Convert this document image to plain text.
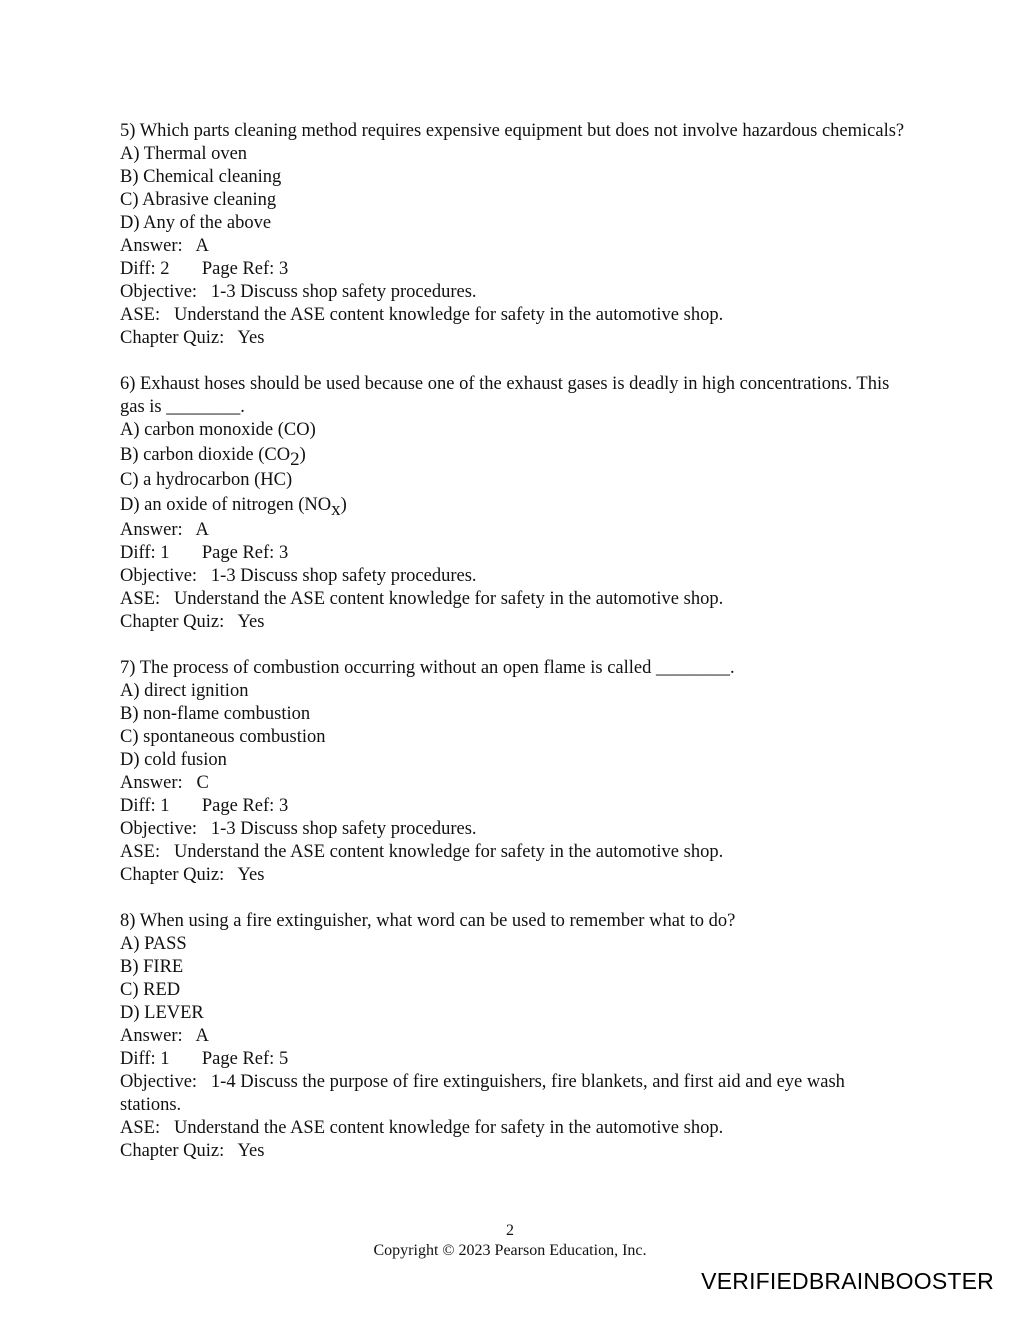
5) Which parts cleaning method requires expensive equipment but does not involve hazardous chemicals?

A) Thermal oven

B) Chemical cleaning

C) Abrasive cleaning

D) Any of the above

Answer:   A

Diff: 2       Page Ref: 3

Objective:   1-3 Discuss shop safety procedures.

ASE:   Understand the ASE content knowledge for safety in the automotive shop.

Chapter Quiz:   Yes

6) Exhaust hoses should be used because one of the exhaust gases is deadly in high concentrations. This gas is ________.

A) carbon monoxide (CO)

B) carbon dioxide $(CO_2)$

C) a hydrocarbon (HC)

D) an oxide of nitrogen $(NO_x)$

Answer:   A

Diff: 1       Page Ref: 3

Objective:   1-3 Discuss shop safety procedures.

ASE:   Understand the ASE content knowledge for safety in the automotive shop.

Chapter Quiz:   Yes

7) The process of combustion occurring without an open flame is called ________.

A) direct ignition

B) non-flame combustion

C) spontaneous combustion

D) cold fusion

Answer:   C

Diff: 1       Page Ref: 3

Objective:   1-3 Discuss shop safety procedures.

ASE:   Understand the ASE content knowledge for safety in the automotive shop.

Chapter Quiz:   Yes

8) When using a fire extinguisher, what word can be used to remember what to do?

A) PASS

B) FIRE

C) RED

D) LEVER

Answer:   A

Diff: 1       Page Ref: 5

Objective:   1-4 Discuss the purpose of fire extinguishers, fire blankets, and first aid and eye wash stations.

ASE:   Understand the ASE content knowledge for safety in the automotive shop.

Chapter Quiz:   Yes

2
Copyright © 2023 Pearson Education, Inc.
VERIFIEDBRAINBOOSTER
